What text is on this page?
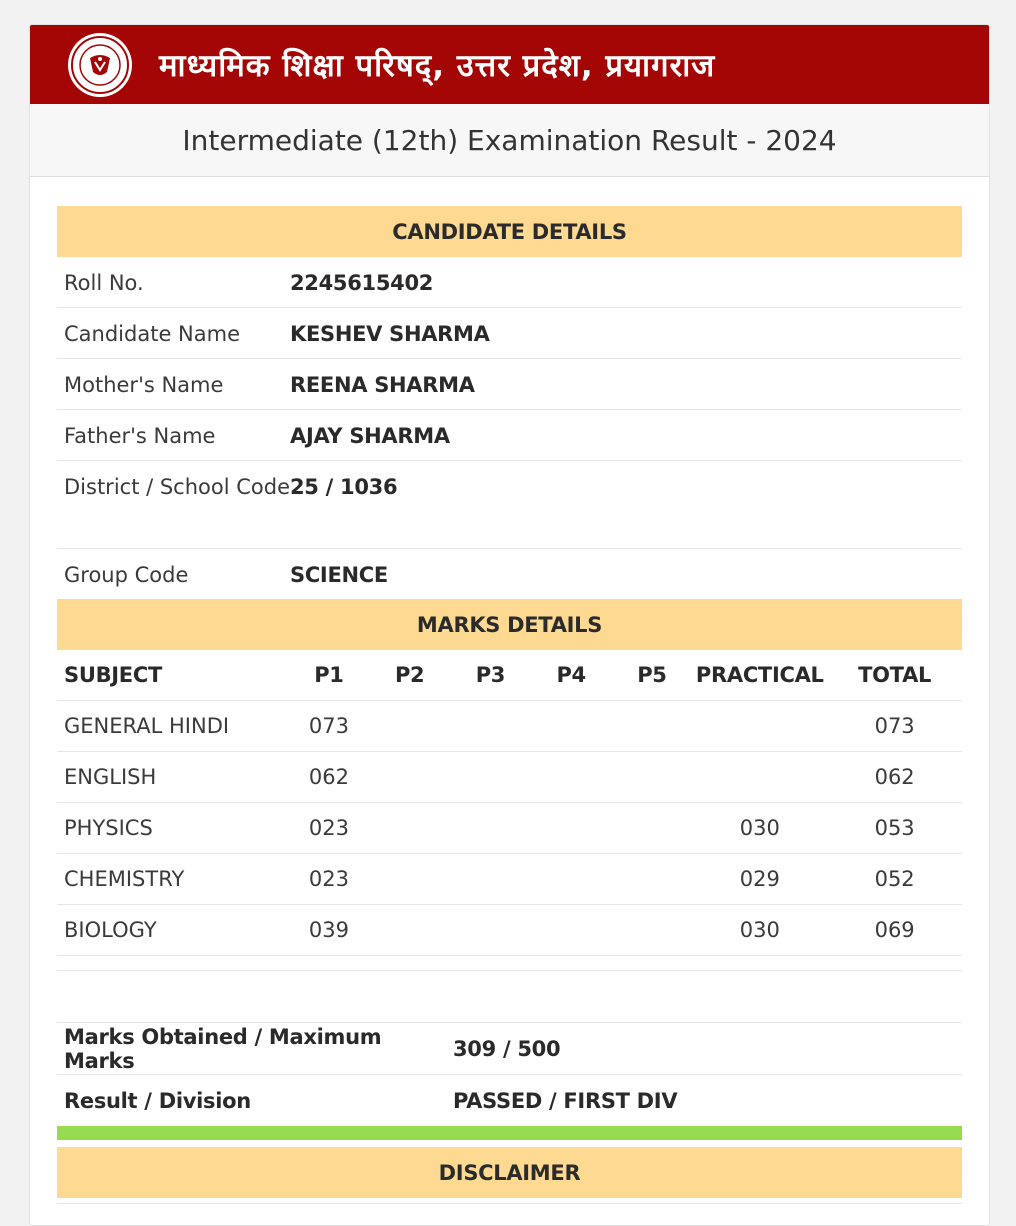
माध्यमिक शिक्षा परिषद्, उत्तर प्रदेश, प्रयागराज
Intermediate (12th) Examination Result - 2024
CANDIDATE DETAILS
Roll No.	2245615402
Candidate Name	KESHEV SHARMA
Mother's Name	REENA SHARMA
Father's Name	AJAY SHARMA
District / School Code 25 / 1036
Group Code	SCIENCE
MARKS DETAILS
SUBJECT	P1	P2	P3	P4	P5	PRACTICAL	TOTAL
GENERAL HINDI	073						073
ENGLISH	062						062
PHYSICS	023					030	053
CHEMISTRY	023					029	052
BIOLOGY	039					030	069
Marks Obtained / Maximum Marks	309 / 500
Result / Division	PASSED / FIRST DIV
DISCLAIMER
